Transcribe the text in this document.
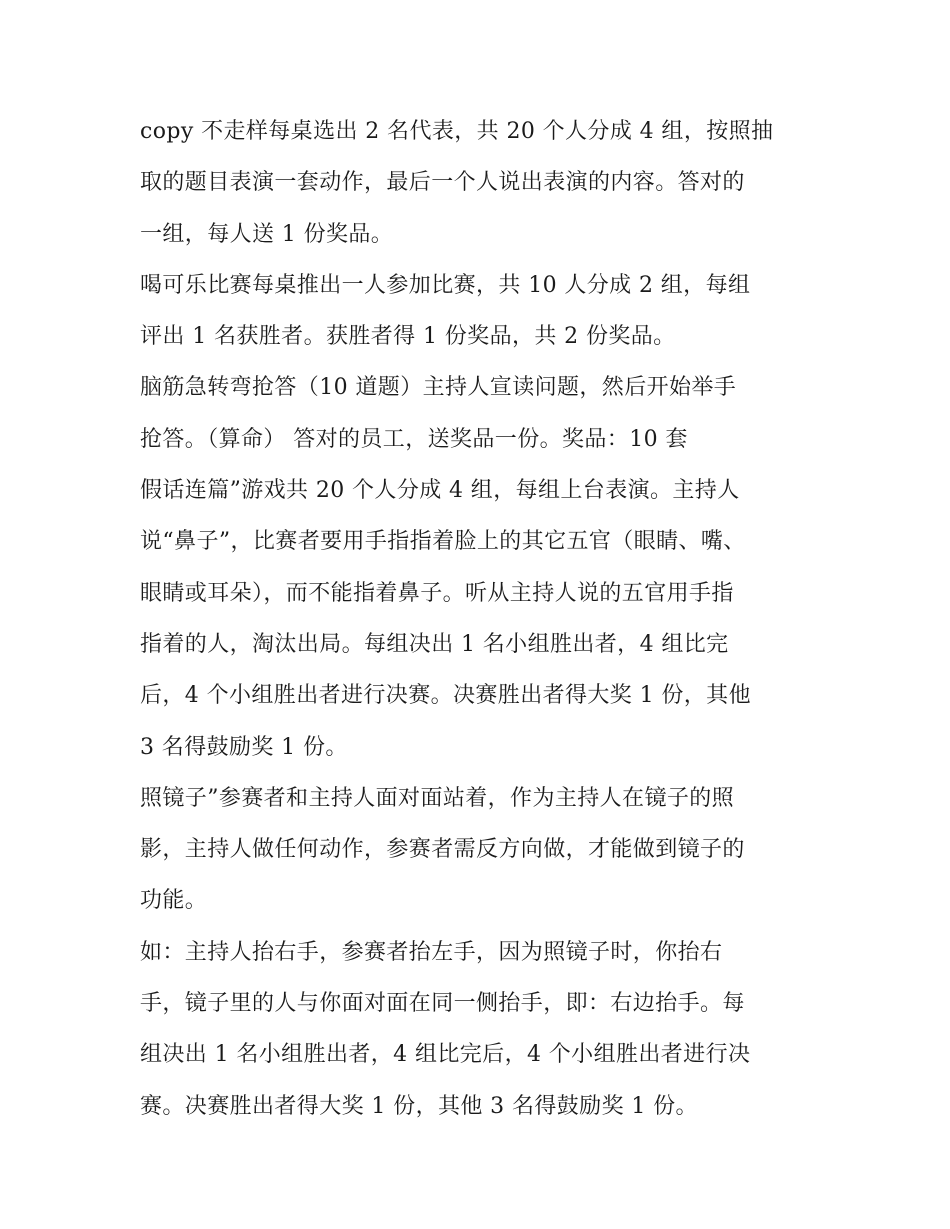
copy 不走样每桌选出 2 名代表，共 20 个人分成 4 组，按照抽
取的题目表演一套动作，最后一个人说出表演的内容。答对的
一组，每人送 1 份奖品。
喝可乐比赛每桌推出一人参加比赛，共 10 人分成 2 组，每组
评出 1 名获胜者。获胜者得 1 份奖品，共 2 份奖品。
脑筋急转弯抢答（10 道题）主持人宣读问题，然后开始举手
抢答。（算命） 答对的员工，送奖品一份。奖品：10 套
假话连篇”游戏共 20 个人分成 4 组，每组上台表演。主持人
说“鼻子”，比赛者要用手指指着脸上的其它五官（眼睛、嘴、
眼睛或耳朵），而不能指着鼻子。听从主持人说的五官用手指
指着的人，淘汰出局。每组决出 1 名小组胜出者，4 组比完
后，4 个小组胜出者进行决赛。决赛胜出者得大奖 1 份，其他
3 名得鼓励奖 1 份。
照镜子”参赛者和主持人面对面站着，作为主持人在镜子的照
影，主持人做任何动作，参赛者需反方向做，才能做到镜子的
功能。
如：主持人抬右手，参赛者抬左手，因为照镜子时，你抬右
手，镜子里的人与你面对面在同一侧抬手，即：右边抬手。每
组决出 1 名小组胜出者，4 组比完后，4 个小组胜出者进行决
赛。决赛胜出者得大奖 1 份，其他 3 名得鼓励奖 1 份。
